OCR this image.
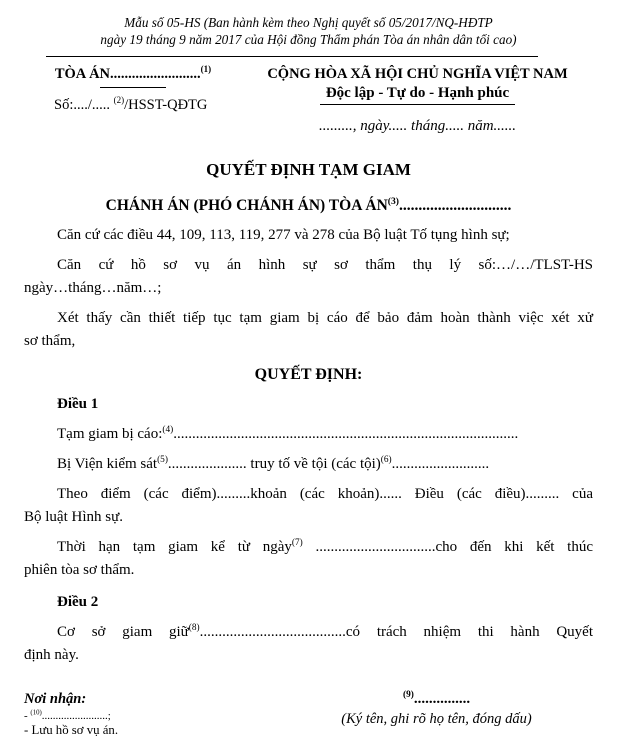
Mẫu số 05-HS (Ban hành kèm theo Nghị quyết số 05/2017/NQ-HĐTP
ngày 19 tháng 9 năm 2017 của Hội đồng Thẩm phán Tòa án nhân dân tối cao)
TÒA ÁN.........................$^{(1)}$
Số:..../..... $^{(2)}$/HSST-QĐTG
CỘNG HÒA XÃ HỘI CHỦ NGHĨA VIỆT NAM
Độc lập - Tự do - Hạnh phúc
........., ngày..... tháng..... năm......
QUYẾT ĐỊNH TẠM GIAM
CHÁNH ÁN (PHÓ CHÁNH ÁN) TÒA ÁN$^{(3)}$.............................

Căn cứ các điều 44, 109, 113, 119, 277 và 278 của Bộ luật Tố tụng hình sự;

Căn cứ hồ sơ vụ án hình sự sơ thẩm thụ lý số:…/…/TLST-HS

ngày…tháng…năm…;

Xét thấy cần thiết tiếp tục tạm giam bị cáo để bảo đảm hoàn thành việc xét xử

sơ thẩm,

QUYẾT ĐỊNH:
Điều 1

Tạm giam bị cáo:$^{(4)}$............................................................................................

Bị Viện kiểm sát$^{(5)}$..................... truy tố về tội (các tội)$^{(6)}$..........................

Theo điểm (các điểm).........khoản (các khoản)...... Điều (các điều)......... của

Bộ luật Hình sự.

Thời hạn tạm giam kể từ ngày$^{(7)}$ ................................cho đến khi kết thúc

phiên tòa sơ thẩm.

Điều 2

Cơ sở giam giữ$^{(8)}$.......................................có trách nhiệm thi hành Quyết

định này.

Nơi nhận:
- $^{(10)}$........................;
- Lưu hồ sơ vụ án.
$^{(9)}$...............
(Ký tên, ghi rõ họ tên, đóng dấu)
